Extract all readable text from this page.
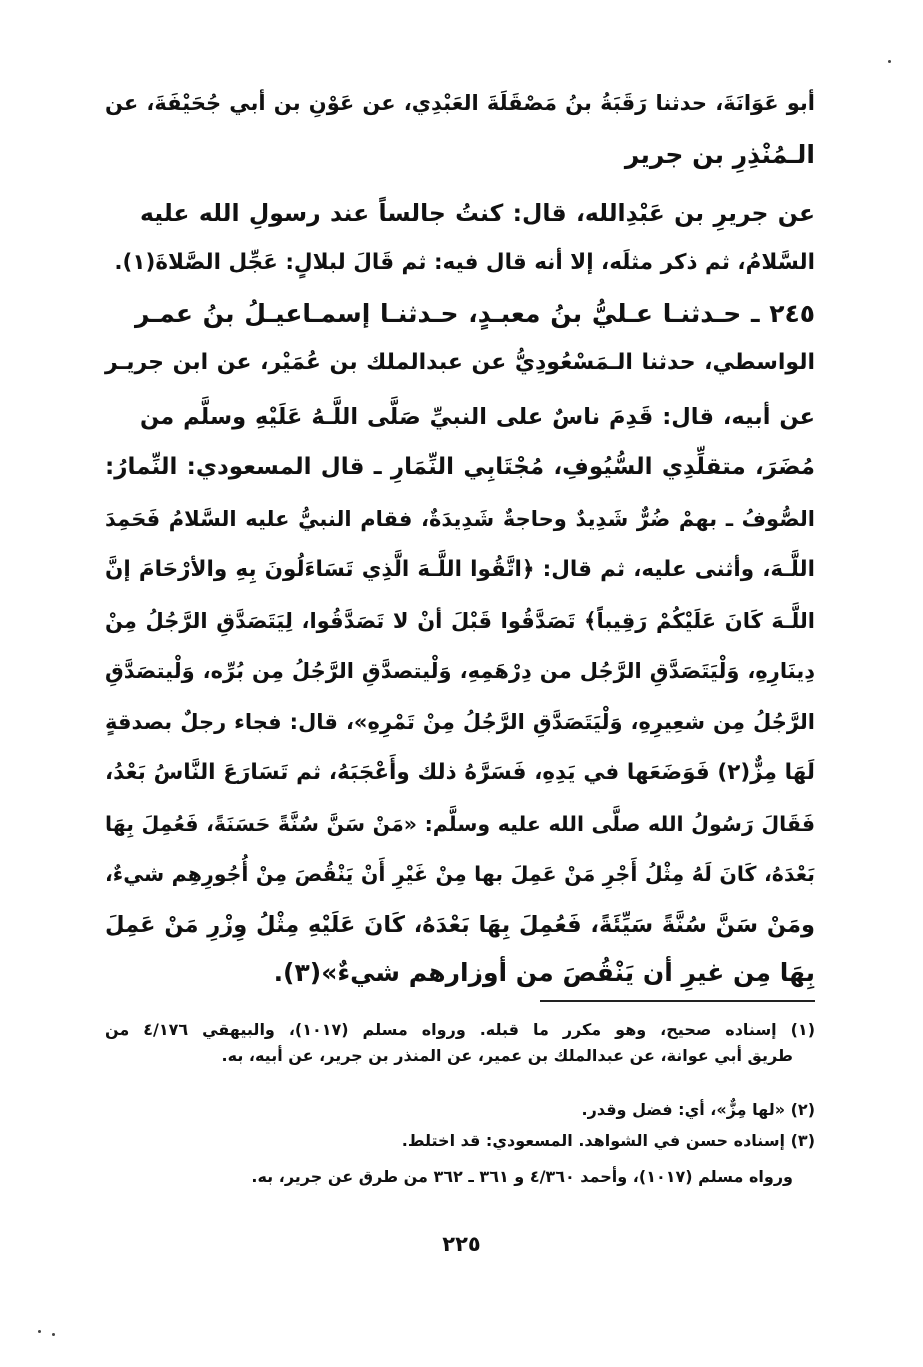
أبو عَوَانَةَ، حدثنا رَقَبَةُ بنُ مَصْقَلَةَ العَبْدِي، عن عَوْنِ بن أبي جُحَيْفَةَ، عن
الـمُنْذِرِ بن جرير
عن جريرِ بن عَبْدِالله، قال: كنتُ جالساً عند رسولِ الله عليه
السَّلامُ، ثم ذكر مثلَه، إلا أنه قال فيه: ثم قَالَ لبلالٍ: عَجِّل الصَّلاةَ(١).
٢٤٥ ـ حـدثنـا عـليُّ بنُ معبـدٍ، حـدثنـا إسمـاعيـلُ بنُ عمـر
الواسطي، حدثنا الـمَسْعُودِيُّ عن عبدالملك بن عُمَيْر، عن ابن جريـر
عن أبيه، قال: قَدِمَ ناسٌ على النبيِّ صَلَّى اللَّـهُ عَلَيْهِ وسلَّم من
مُضَرَ، متقلِّدِي السُّيُوفِ، مُجْتَابِي النِّمَارِ ـ قال المسعودي: النِّمارُ:
الصُّوفُ ـ بهمْ ضُرٌّ شَدِيدٌ وحاجةٌ شَدِيدَةٌ، فقام النبيُّ عليه السَّلامُ فَحَمِدَ
اللَّـهَ، وأثنى عليه، ثم قال: ﴿اتَّقُوا اللَّـهَ الَّذِي تَسَاءَلُونَ بِهِ والأرْحَامَ إنَّ
اللَّـهَ كَانَ عَلَيْكُمْ رَقِيباً﴾ تَصَدَّقُوا قَبْلَ أنْ لا تَصَدَّقُوا، لِيَتَصَدَّقِ الرَّجُلُ مِنْ
دِينَارِهِ، وَلْيَتَصَدَّقِ الرَّجُل من دِرْهَمِهِ، وَلْيتصدَّقِ الرَّجُلُ مِن بُرِّه، وَلْيتصَدَّقِ
الرَّجُلُ مِن شعِيرِهِ، وَلْيَتَصَدَّقِ الرَّجُلُ مِنْ تَمْرِهِ»، قال: فجاء رجلٌ بصدقةٍ
لَهَا مِزٌّ(٢) فَوَضَعَها في يَدِهِ، فَسَرَّهُ ذلك وأَعْجَبَهُ، ثم تَسَارَعَ النَّاسُ بَعْدُ،
فَقَالَ رَسُولُ الله صلَّى الله عليه وسلَّم: «مَنْ سَنَّ سُنَّةً حَسَنَةً، فَعُمِلَ بِهَا
بَعْدَهُ، كَانَ لَهُ مِثْلُ أَجْرِ مَنْ عَمِلَ بها مِنْ غَيْرِ أَنْ يَنْقُصَ مِنْ أُجُورِهِم شيءٌ،
ومَنْ سَنَّ سُنَّةً سَيِّئَةً، فَعُمِلَ بِهَا بَعْدَهُ، كَانَ عَلَيْهِ مِثْلُ وِزْرِ مَنْ عَمِلَ
بِهَا مِن غيرِ أن يَنْقُصَ من أوزارهم شيءٌ»(٣).
(١) إسناده صحيح، وهو مكرر ما قبله. ورواه مسلم (١٠١٧)، والبيهقي ٤/١٧٦ من
طريق أبي عوانة، عن عبدالملك بن عمير، عن المنذر بن جرير، عن أبيه، به.
(٢) «لها مِزٌّ»، أي: فضل وقدر.
(٣) إسناده حسن في الشواهد. المسعودي: قد اختلط.
ورواه مسلم (١٠١٧)، وأحمد ٤/٣٦٠ و ٣٦١ ـ ٣٦٢ من طرق عن جرير، به.
٢٢٥
